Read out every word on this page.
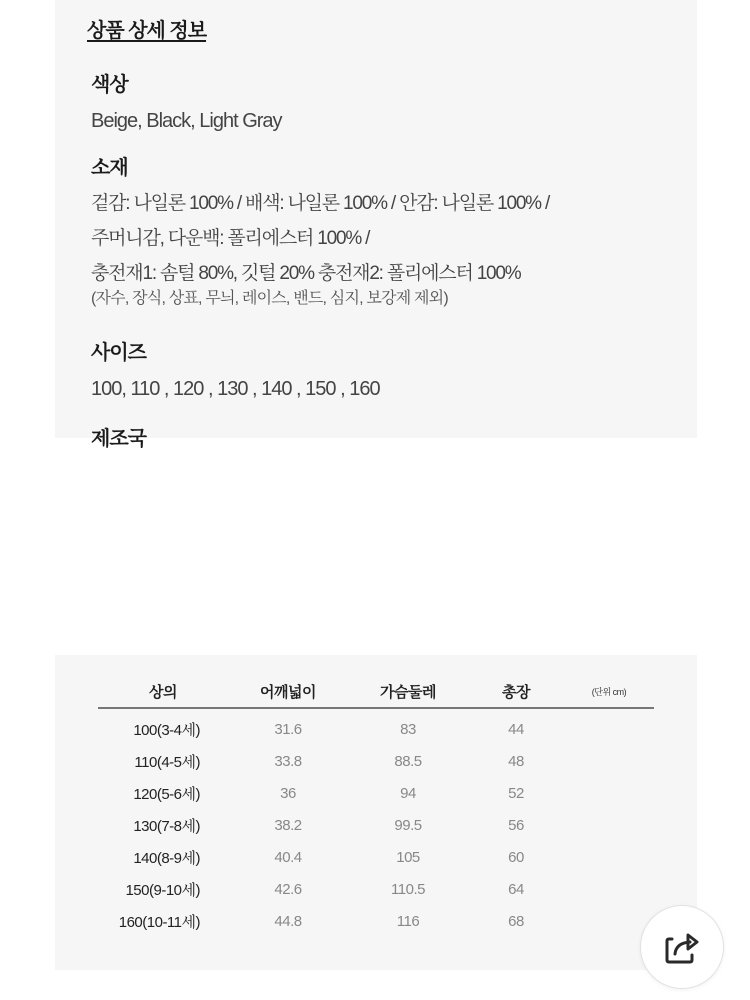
상품 상세 정보
색상
Beige, Black, Light Gray
소재
겉감: 나일론 100% / 배색: 나일론 100% / 안감: 나일론 100% /
주머니감, 다운백: 폴리에스터 100% /
충전재1: 솜털 80%, 깃털 20% 충전재2: 폴리에스터 100%
(자수, 장식, 상표, 무늬, 레이스, 밴드, 심지, 보강제 제외)
사이즈
100, 110 , 120 , 130 , 140 , 150 , 160
제조국
상의	어깨넓이	가슴둘레	총장	(단위 cm)
100(3-4세)	31.6	83	44	
110(4-5세)	33.8	88.5	48	
120(5-6세)	36	94	52	
130(7-8세)	38.2	99.5	56	
140(8-9세)	40.4	105	60	
150(9-10세)	42.6	110.5	64	
160(10-11세)	44.8	116	68	
